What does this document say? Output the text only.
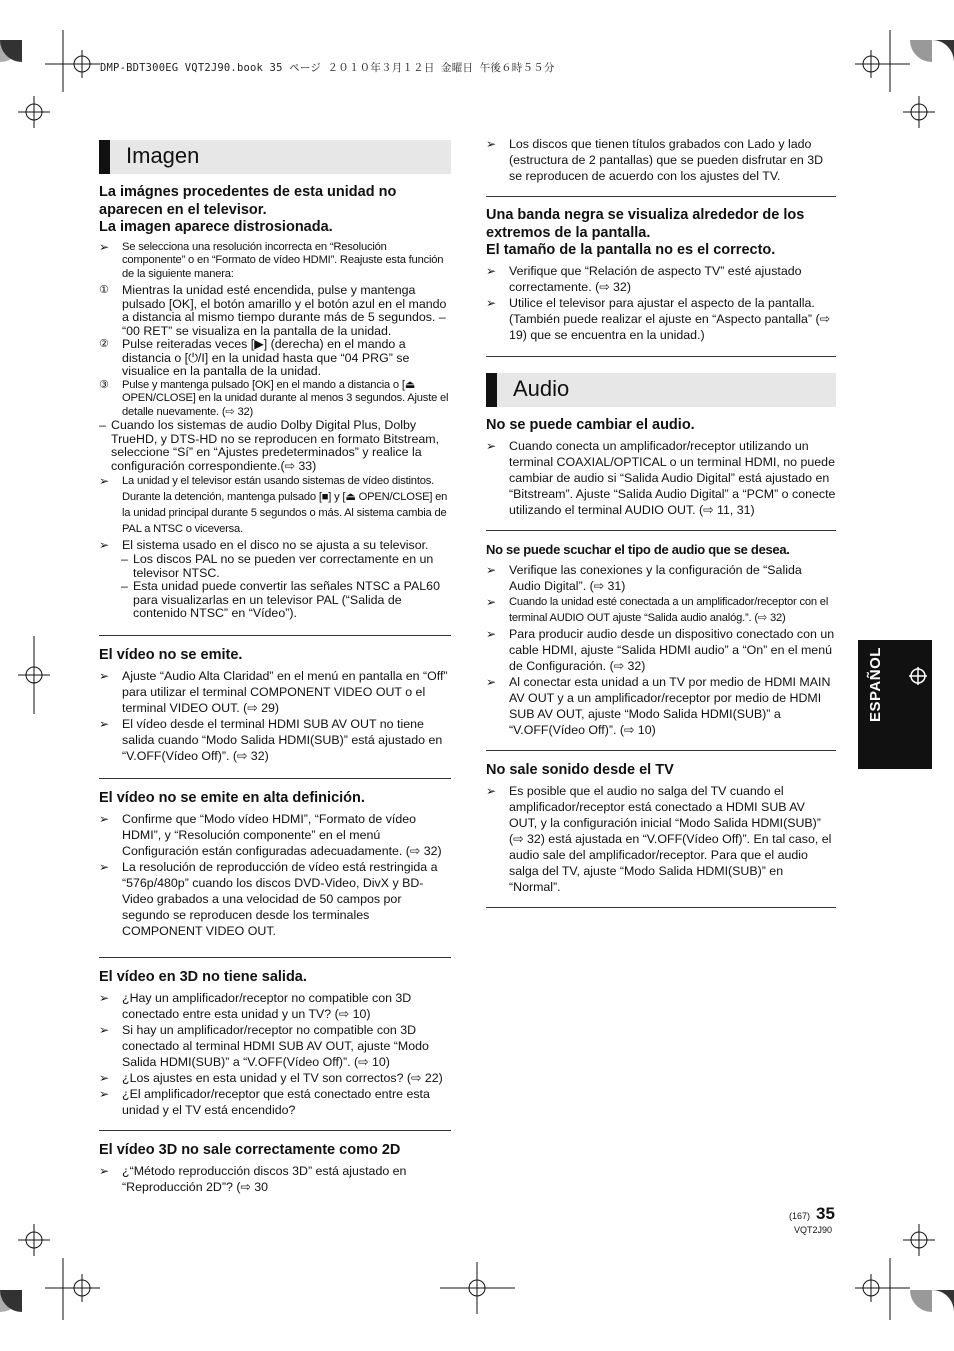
DMP-BDT300EG VQT2J90.book 35 ページ ２０１０年３月１２日 金曜日 午後６時５５分
Imagen

La imágnes procedentes de esta unidad no aparecen en el televisor.

La imagen aparece distrosionada.

➢	Se selecciona una resolución incorrecta en “Resolución componente” o en “Formato de vídeo HDMI”. Reajuste esta función de la siguiente manera:
①	Mientras la unidad esté encendida, pulse y mantenga pulsado [OK], el botón amarillo y el botón azul en el mando a distancia al mismo tiempo durante más de 5 segundos. – “00 RET” se visualiza en la pantalla de la unidad.
②	Pulse reiteradas veces [▶] (derecha) en el mando a distancia o [⏻/I] en la unidad hasta que “04 PRG” se visualice en la pantalla de la unidad.
③	Pulse y mantenga pulsado [OK] en el mando a distancia o [⏏ OPEN/CLOSE] en la unidad durante al menos 3 segundos. Ajuste el detalle nuevamente. (⇨ 32)
– Cuando los sistemas de audio Dolby Digital Plus, Dolby TrueHD, y DTS-HD no se reproducen en formato Bitstream, seleccione “Sí” en “Ajustes predeterminados” y realice la configuración correspondiente.(⇨ 33)
➢	La unidad y el televisor están usando sistemas de vídeo distintos. Durante la detención, mantenga pulsado [■] y [⏏ OPEN/CLOSE] en la unidad principal durante 5 segundos o más. Al sistema cambia de PAL a NTSC o viceversa.
➢	El sistema usado en el disco no se ajusta a su televisor.
– Los discos PAL no se pueden ver correctamente en un televisor NTSC.
– Esta unidad puede convertir las señales NTSC a PAL60 para visualizarlas en un televisor PAL (“Salida de contenido NTSC” en “Vídeo”).

El vídeo no se emite.

➢	Ajuste “Audio Alta Claridad” en el menú en pantalla en “Off” para utilizar el terminal COMPONENT VIDEO OUT o el terminal VIDEO OUT. (⇨ 29)
➢	El vídeo desde el terminal HDMI SUB AV OUT no tiene salida cuando “Modo Salida HDMI(SUB)” está ajustado en “V.OFF(Vídeo Off)”. (⇨ 32)

El vídeo no se emite en alta definición.

➢	Confirme que “Modo vídeo HDMI”, “Formato de vídeo HDMI”, y “Resolución componente” en el menú Configuración están configuradas adecuadamente. (⇨ 32)
➢	La resolución de reproducción de vídeo está restringida a “576p/480p” cuando los discos DVD-Video, DivX y BD-Video grabados a una velocidad de 50 campos por segundo se reproducen desde los terminales COMPONENT VIDEO OUT.

El vídeo en 3D no tiene salida.

➢	¿Hay un amplificador/receptor no compatible con 3D conectado entre esta unidad y un TV? (⇨ 10)
➢	Si hay un amplificador/receptor no compatible con 3D conectado al terminal HDMI SUB AV OUT, ajuste “Modo Salida HDMI(SUB)” a “V.OFF(Vídeo Off)”. (⇨ 10)
➢	¿Los ajustes en esta unidad y el TV son correctos? (⇨ 22)
➢	¿El amplificador/receptor que está conectado entre esta unidad y el TV está encendido?

El vídeo 3D no sale correctamente como 2D

➢	¿“Método reproducción discos 3D” está ajustado en “Reproducción 2D”? (⇨ 30
➢	Los discos que tienen títulos grabados con Lado y lado (estructura de 2 pantallas) que se pueden disfrutar en 3D se reproducen de acuerdo con los ajustes del TV.

Una banda negra se visualiza alrededor de los extremos de la pantalla.

El tamaño de la pantalla no es el correcto.

➢	Verifique que “Relación de aspecto TV” esté ajustado correctamente. (⇨ 32)
➢	Utilice el televisor para ajustar el aspecto de la pantalla. (También puede realizar el ajuste en “Aspecto pantalla” (⇨ 19) que se encuentra en la unidad.)
Audio

No se puede cambiar el audio.

➢	Cuando conecta un amplificador/receptor utilizando un terminal COAXIAL/OPTICAL o un terminal HDMI, no puede cambiar de audio si “Salida Audio Digital” está ajustado en “Bitstream”. Ajuste “Salida Audio Digital” a “PCM” o conecte utilizando el terminal AUDIO OUT. (⇨ 11, 31)

No se puede scuchar el tipo de audio que se desea.

➢	Verifique las conexiones y la configuración de “Salida Audio Digital”. (⇨ 31)
➢	Cuando la unidad esté conectada a un amplificador/receptor con el terminal AUDIO OUT ajuste “Salida audio analóg.”. (⇨ 32)
➢	Para producir audio desde un dispositivo conectado con un cable HDMI, ajuste “Salida HDMI audio” a “On” en el menú de Configuración. (⇨ 32)
➢	Al conectar esta unidad a un TV por medio de HDMI MAIN AV OUT y a un amplificador/receptor por medio de HDMI SUB AV OUT, ajuste “Modo Salida HDMI(SUB)” a “V.OFF(Vídeo Off)”. (⇨ 10)

No sale sonido desde el TV

➢	Es posible que el audio no salga del TV cuando el amplificador/receptor está conectado a HDMI SUB AV OUT, y la configuración inicial “Modo Salida HDMI(SUB)” (⇨ 32) está ajustada en “V.OFF(Vídeo Off)”. En tal caso, el audio sale del amplificador/receptor. Para que el audio salga del TV, ajuste “Modo Salida HDMI(SUB)” en “Normal”.
ESPAÑOL
(167) 35
VQT2J90
